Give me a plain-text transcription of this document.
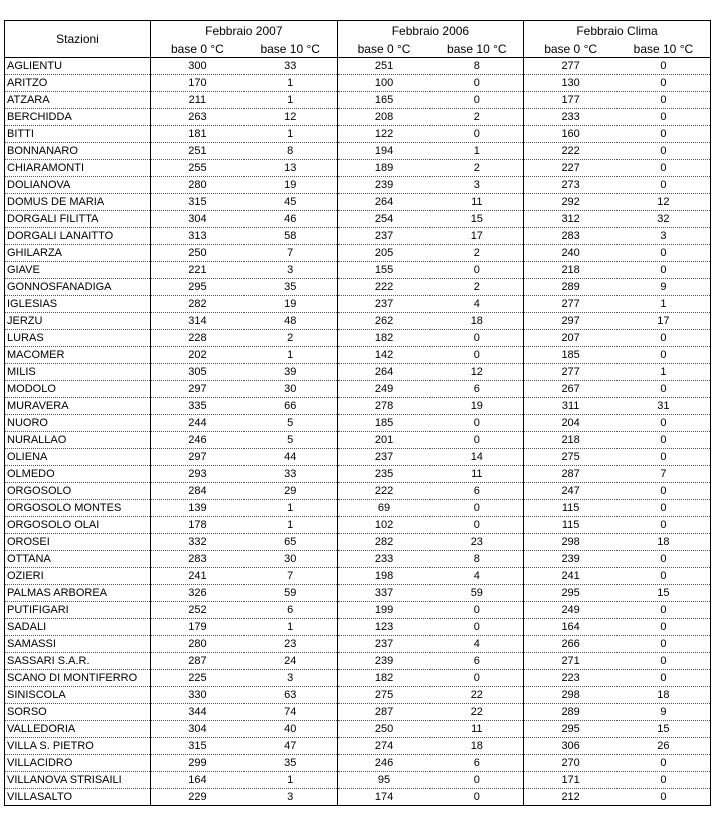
Stazioni	Febbraio 2007		Febbraio 2006		Febbraio Clima	
	base 0 °C	base 10 °C	base 0 °C	base 10 °C	base 0 °C	base 10 °C
AGLIENTU	300	33	251	8	277	0
ARITZO	170	1	100	0	130	0
ATZARA	211	1	165	0	177	0
BERCHIDDA	263	12	208	2	233	0
BITTI	181	1	122	0	160	0
BONNANARO	251	8	194	1	222	0
CHIARAMONTI	255	13	189	2	227	0
DOLIANOVA	280	19	239	3	273	0
DOMUS DE MARIA	315	45	264	11	292	12
DORGALI FILITTA	304	46	254	15	312	32
DORGALI LANAITTO	313	58	237	17	283	3
GHILARZA	250	7	205	2	240	0
GIAVE	221	3	155	0	218	0
GONNOSFANADIGA	295	35	222	2	289	9
IGLESIAS	282	19	237	4	277	1
JERZU	314	48	262	18	297	17
LURAS	228	2	182	0	207	0
MACOMER	202	1	142	0	185	0
MILIS	305	39	264	12	277	1
MODOLO	297	30	249	6	267	0
MURAVERA	335	66	278	19	311	31
NUORO	244	5	185	0	204	0
NURALLAO	246	5	201	0	218	0
OLIENA	297	44	237	14	275	0
OLMEDO	293	33	235	11	287	7
ORGOSOLO	284	29	222	6	247	0
ORGOSOLO MONTES	139	1	69	0	115	0
ORGOSOLO OLAI	178	1	102	0	115	0
OROSEI	332	65	282	23	298	18
OTTANA	283	30	233	8	239	0
OZIERI	241	7	198	4	241	0
PALMAS ARBOREA	326	59	337	59	295	15
PUTIFIGARI	252	6	199	0	249	0
SADALI	179	1	123	0	164	0
SAMASSI	280	23	237	4	266	0
SASSARI S.A.R.	287	24	239	6	271	0
SCANO DI MONTIFERRO	225	3	182	0	223	0
SINISCOLA	330	63	275	22	298	18
SORSO	344	74	287	22	289	9
VALLEDORIA	304	40	250	11	295	15
VILLA S. PIETRO	315	47	274	18	306	26
VILLACIDRO	299	35	246	6	270	0
VILLANOVA STRISAILI	164	1	95	0	171	0
VILLASALTO	229	3	174	0	212	0
